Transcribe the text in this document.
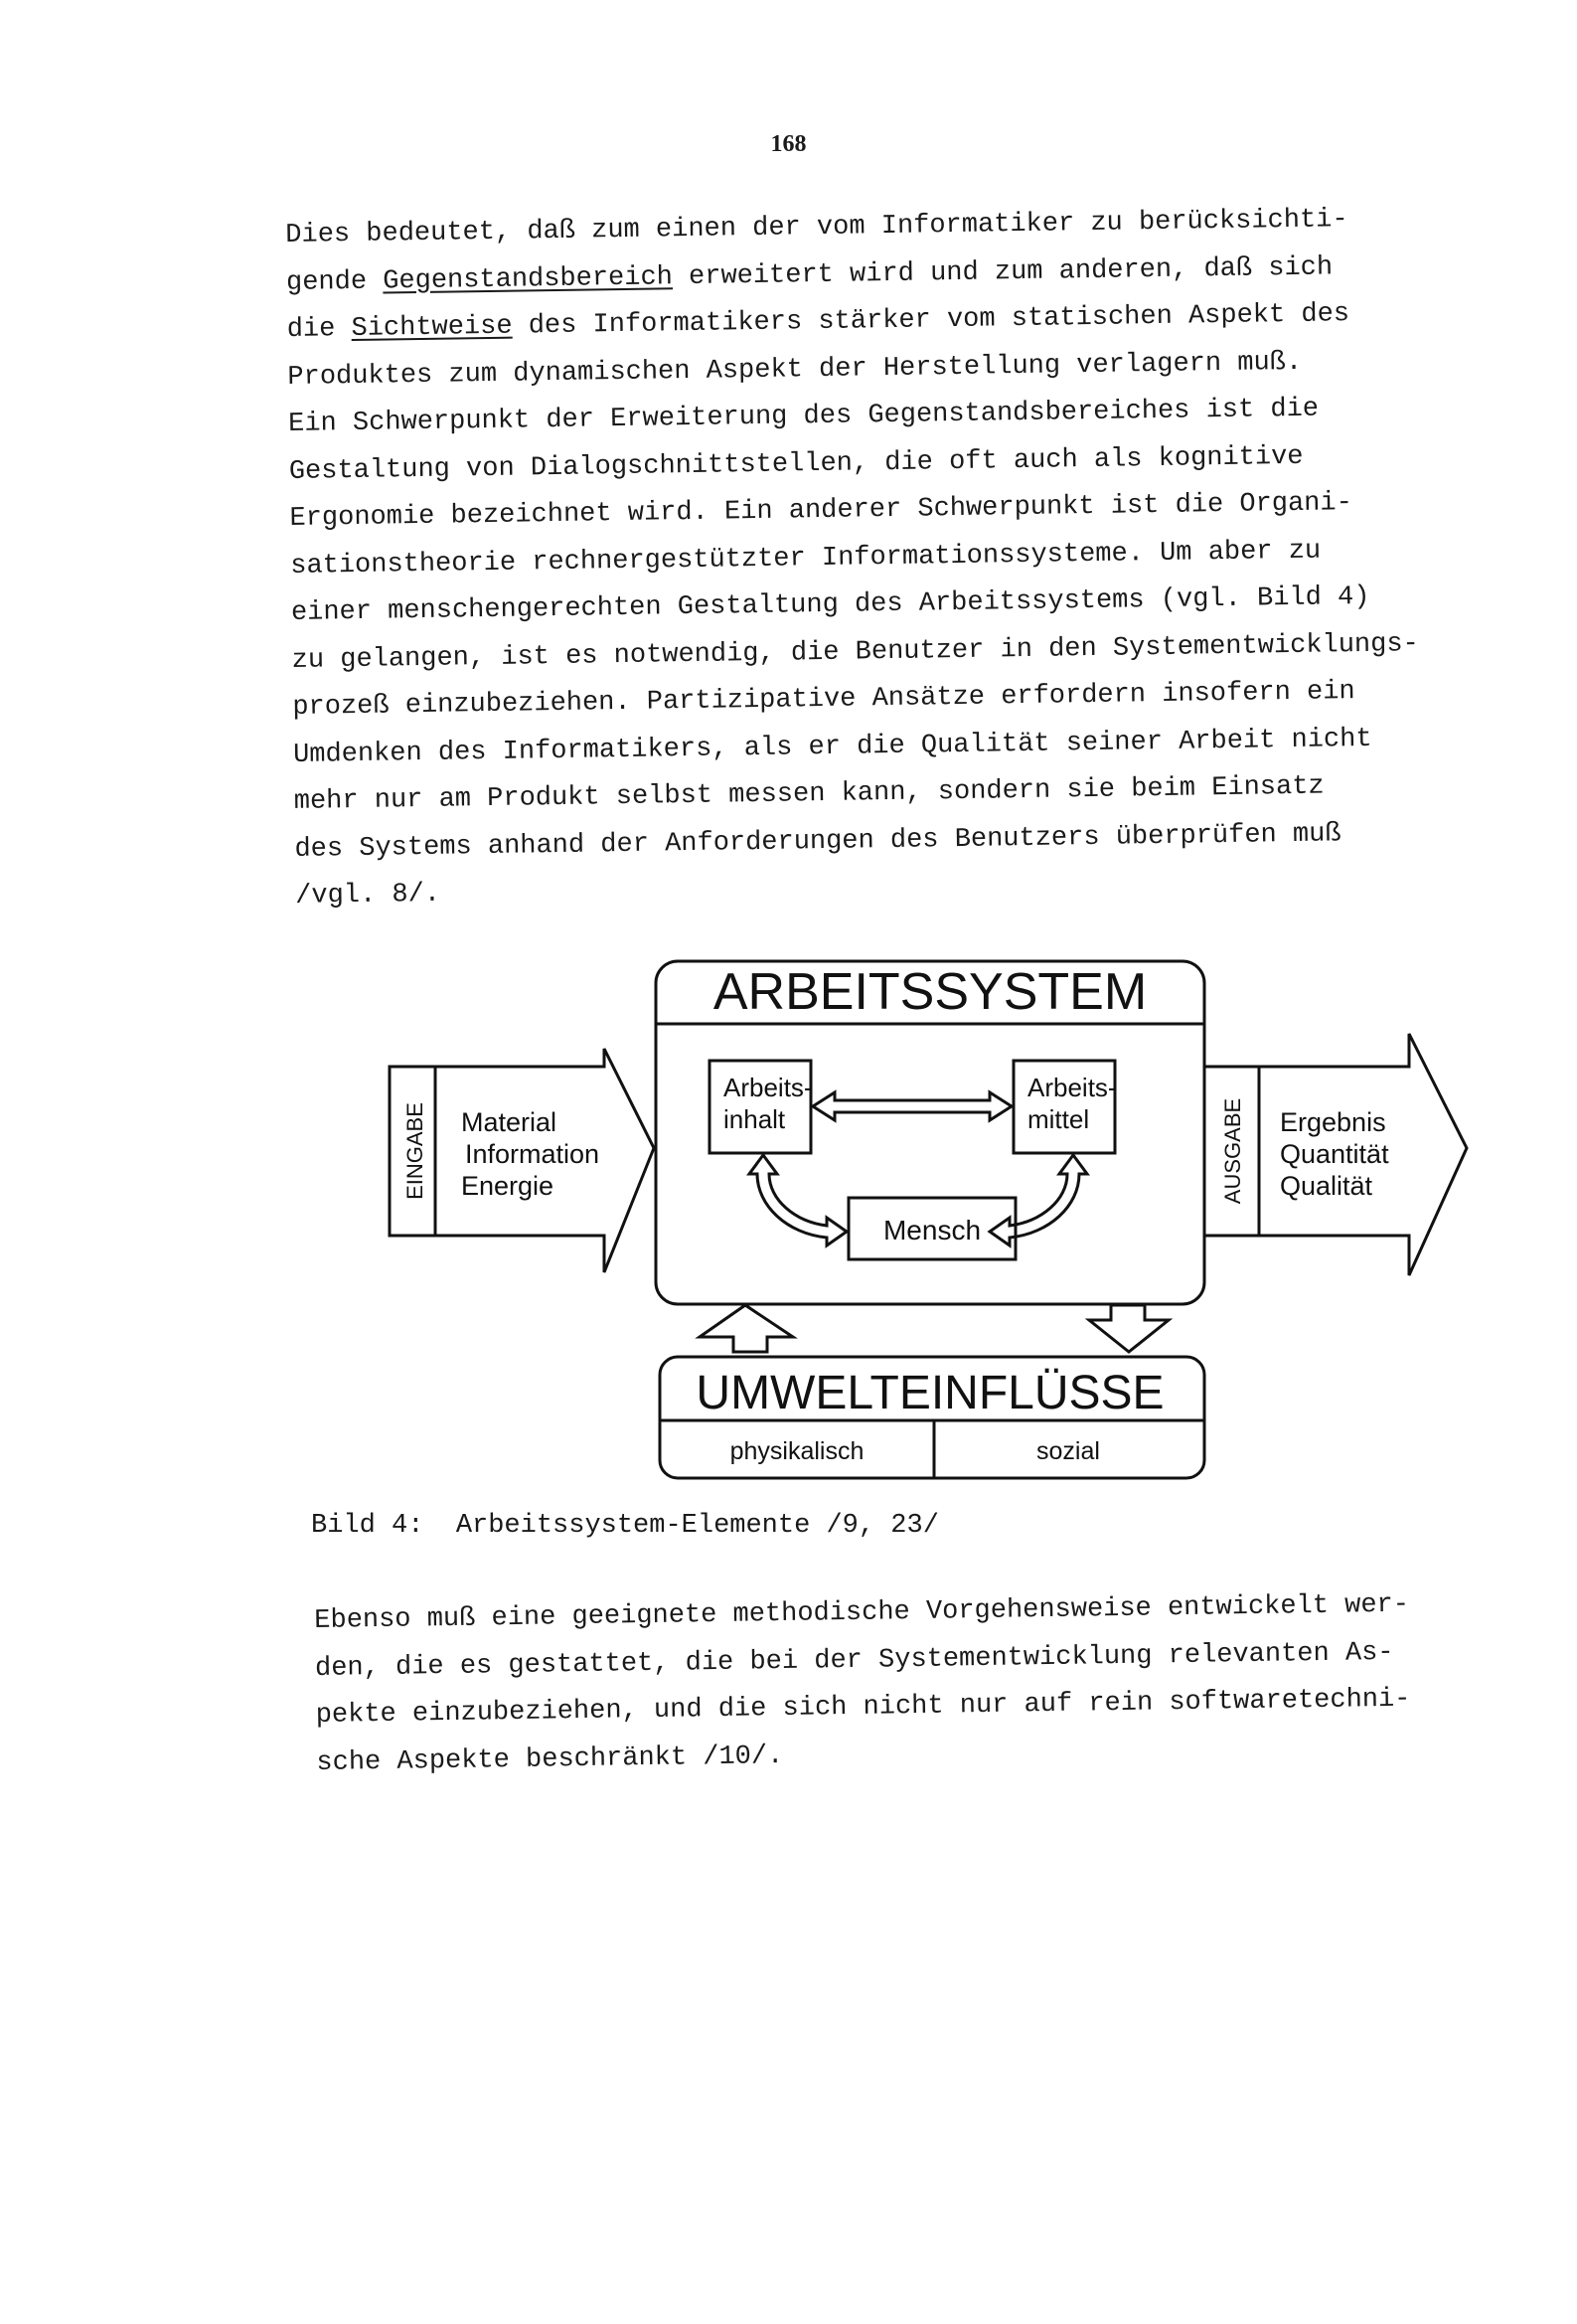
168
Dies bedeutet, daß zum einen der vom Informatiker zu berücksichti-
gende Gegenstandsbereich erweitert wird und zum anderen, daß sich
die Sichtweise des Informatikers stärker vom statischen Aspekt des
Produktes zum dynamischen Aspekt der Herstellung verlagern muß.
Ein Schwerpunkt der Erweiterung des Gegenstandsbereiches ist die
Gestaltung von Dialogschnittstellen, die oft auch als kognitive
Ergonomie bezeichnet wird. Ein anderer Schwerpunkt ist die Organi-
sationstheorie rechnergestützter Informationssysteme. Um aber zu
einer menschengerechten Gestaltung des Arbeitssystems (vgl. Bild 4)
zu gelangen, ist es notwendig, die Benutzer in den Systementwicklungs-
prozeß einzubeziehen. Partizipative Ansätze erfordern insofern ein
Umdenken des Informatikers, als er die Qualität seiner Arbeit nicht
mehr nur am Produkt selbst messen kann, sondern sie beim Einsatz
des Systems anhand der Anforderungen des Benutzers überprüfen muß
/vgl. 8/.
ARBEITSSYSTEM
EINGABE Material
Information
Energie	AUSGABE Ergebnis
Quantität
Qualität
Arbeits-
inhalt
Arbeits-
mittel
Mensch
UMWELTEINFLÜSSE
physikalisch	sozial
Bild 4:  Arbeitssystem-Elemente /9, 23/
Ebenso muß eine geeignete methodische Vorgehensweise entwickelt wer-
den, die es gestattet, die bei der Systementwicklung relevanten As-
pekte einzubeziehen, und die sich nicht nur auf rein softwaretechni-
sche Aspekte beschränkt /10/.
